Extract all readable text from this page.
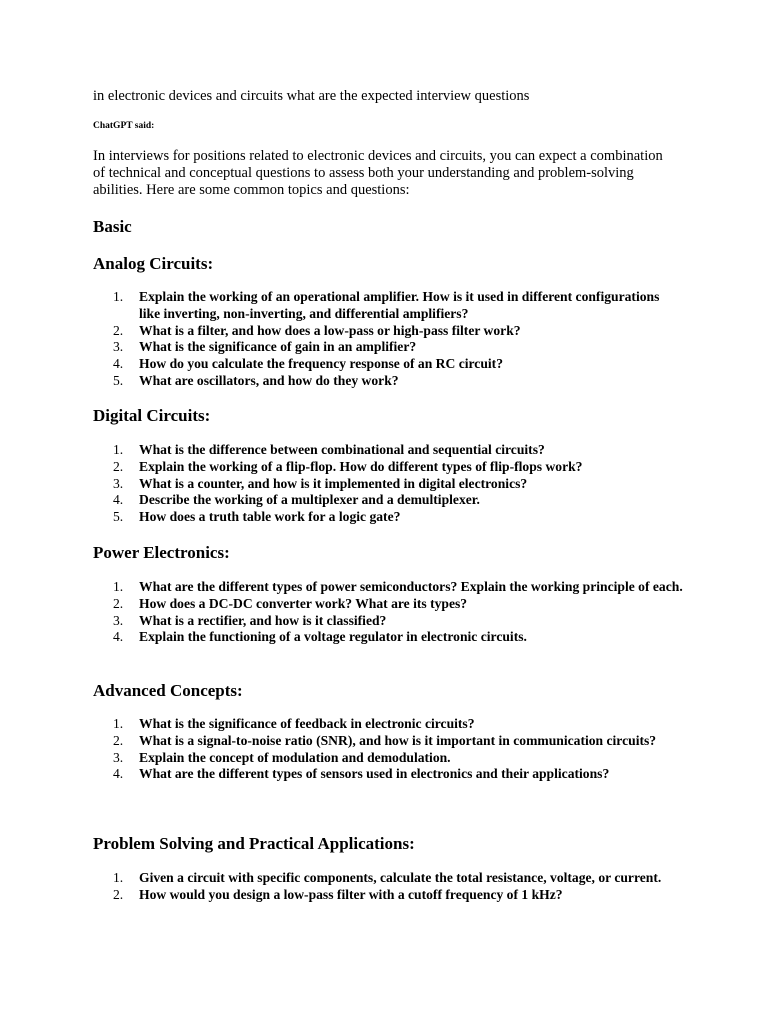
in electronic devices and circuits what are the expected interview questions
ChatGPT said:

In interviews for positions related to electronic devices and circuits, you can expect a combination of technical and conceptual questions to assess both your understanding and problem-solving abilities. Here are some common topics and questions:

Basic
Analog Circuits:
1. Explain the working of an operational amplifier. How is it used in different configurations like inverting, non-inverting, and differential amplifiers?
2. What is a filter, and how does a low-pass or high-pass filter work?
3. What is the significance of gain in an amplifier?
4. How do you calculate the frequency response of an RC circuit?
5. What are oscillators, and how do they work?
Digital Circuits:
1. What is the difference between combinational and sequential circuits?
2. Explain the working of a flip-flop. How do different types of flip-flops work?
3. What is a counter, and how is it implemented in digital electronics?
4. Describe the working of a multiplexer and a demultiplexer.
5. How does a truth table work for a logic gate?
Power Electronics:
1. What are the different types of power semiconductors? Explain the working principle of each.
2. How does a DC-DC converter work? What are its types?
3. What is a rectifier, and how is it classified?
4. Explain the functioning of a voltage regulator in electronic circuits.
Advanced Concepts:
1. What is the significance of feedback in electronic circuits?
2. What is a signal-to-noise ratio (SNR), and how is it important in communication circuits?
3. Explain the concept of modulation and demodulation.
4. What are the different types of sensors used in electronics and their applications?
Problem Solving and Practical Applications:
1. Given a circuit with specific components, calculate the total resistance, voltage, or current.
2. How would you design a low-pass filter with a cutoff frequency of 1 kHz?
